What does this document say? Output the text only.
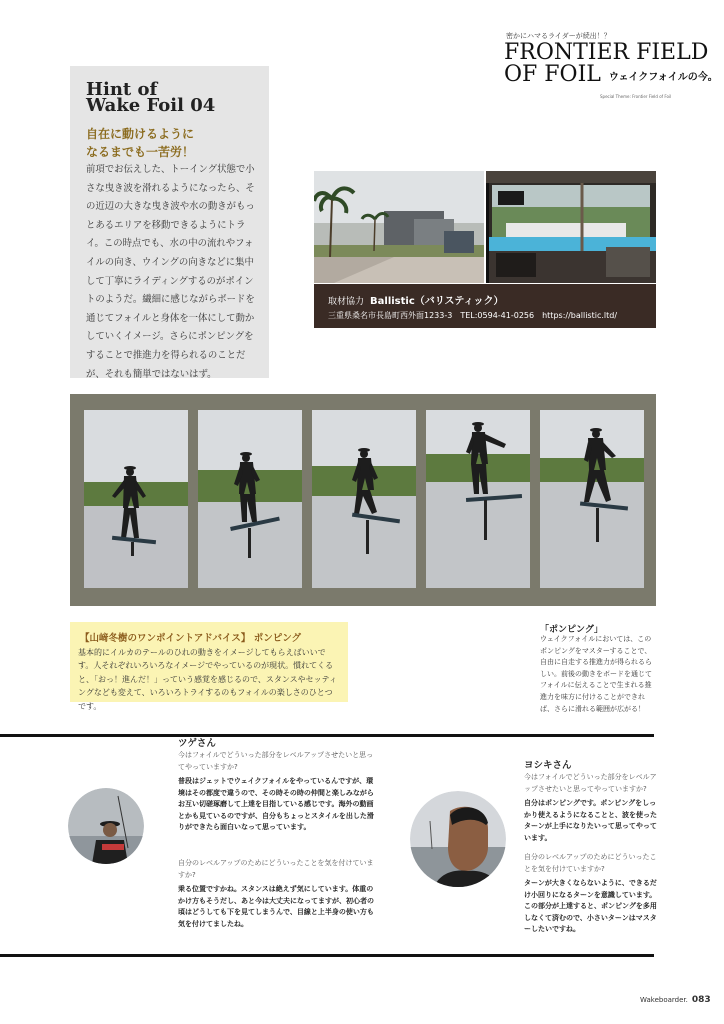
密かにハマるライダーが続出！？
FRONTIER FIELD
OF FOIL ウェイクフォイルの今。
Special Theme: Frontier Field of Foil
Hint of
Wake Foil 04
自在に動けるように
なるまでも一苦労！
前項でお伝えした、トーイング状態で小さな曳き波を滑れるようになったら、その近辺の大きな曳き波や水の動きがもっとあるエリアを移動できるようにトライ。この時点でも、水の中の流れやフォイルの向き、ウイングの向きなどに集中して丁寧にライディングするのがポイントのようだ。繊細に感じながらボードを通じてフォイルと身体を一体にして動かしていくイメージ。さらにポンピングをすることで推進力を得られるのことだが、それも簡単ではないはず。
取材協力 Ballistic（バリスティック）
三重県桑名市長島町西外面1233-3　TEL:0594-41-0256　https://ballistic.ltd/
【山﨑冬樹のワンポイントアドバイス】 ポンピング
基本的にイルカのテールのひれの動きをイメージしてもらえばいいです。人それぞれいろいろなイメージでやっているのが現状。慣れてくると、「おっ！進んだ！」っていう感覚を感じるので、スタンスやセッティングなども変えて、いろいろトライするのもフォイルの楽しさのひとつです。
「ポンピング」
ウェイクフォイルにおいては、このポンピングをマスターすることで、自由に自走する推進力が得られるらしい。前後の動きをボードを通じてフォイルに伝えることで生まれる推進力を味方に付けることができれば、さらに滑れる範囲が広がる！
ツゲさん
今はフォイルでどういった部分をレベルアップさせたいと思ってやっていますか?
普段はジェットでウェイクフォイルをやっているんですが、環境はその都度で違うので、その時その時の仲間と楽しみながらお互い切磋琢磨して上達を目指している感じです。海外の動画とかも見ているのですが、自分もちょっとスタイルを出した滑りができたら面白いなって思っています。
自分のレベルアップのためにどういったことを気を付けていますか?
乗る位置ですかね。スタンスは絶えず気にしています。体重のかけ方もそうだし、あと今は大丈夫になってますが、初心者の頃はどうしても下を見てしまうんで、目線と上半身の使い方も気を付けてましたね。
ヨシキさん
今はフォイルでどういった部分をレベルアップさせたいと思ってやっていますか?
自分はポンピングです。ポンピングをしっかり使えるようになることと、波を使ったターンが上手になりたいって思ってやっています。
自分のレベルアップのためにどういったことを気を付けていますか?
ターンが大きくならないように、できるだけ小回りになるターンを意識しています。この部分が上達すると、ポンピングを多用しなくて済むので、小さいターンはマスターしたいですね。
Wakeboarder. 083
